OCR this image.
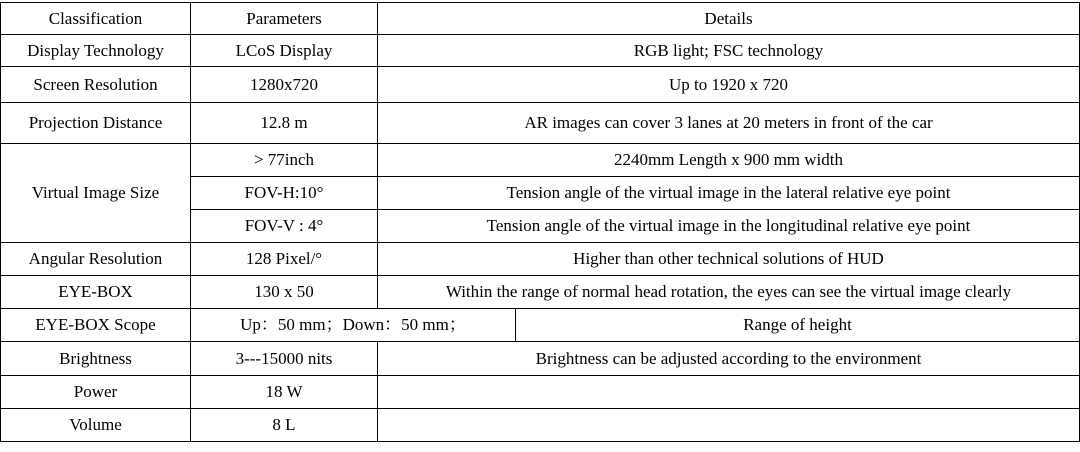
Classification	Parameters	Details	
Display Technology	LCoS Display	RGB light; FSC technology	
Screen Resolution	1280x720	Up to 1920 x 720	
Projection Distance	12.8 m	AR images can cover 3 lanes at 20 meters in front of the car	
Virtual Image Size	> 77inch	2240mm Length x 900 mm width	
	FOV-H:10°	Tension angle of the virtual image in the lateral relative eye point	
	FOV-V : 4°	Tension angle of the virtual image in the longitudinal relative eye point	
Angular Resolution	128 Pixel/°	Higher than other technical solutions of HUD	
EYE-BOX	130 x 50	Within the range of normal head rotation, the eyes can see the virtual image clearly	
EYE-BOX Scope	Up：50 mm；Down：50 mm；		Range of height
Brightness	3---15000 nits	Brightness can be adjusted according to the environment	
Power	18 W		
Volume	8 L		
